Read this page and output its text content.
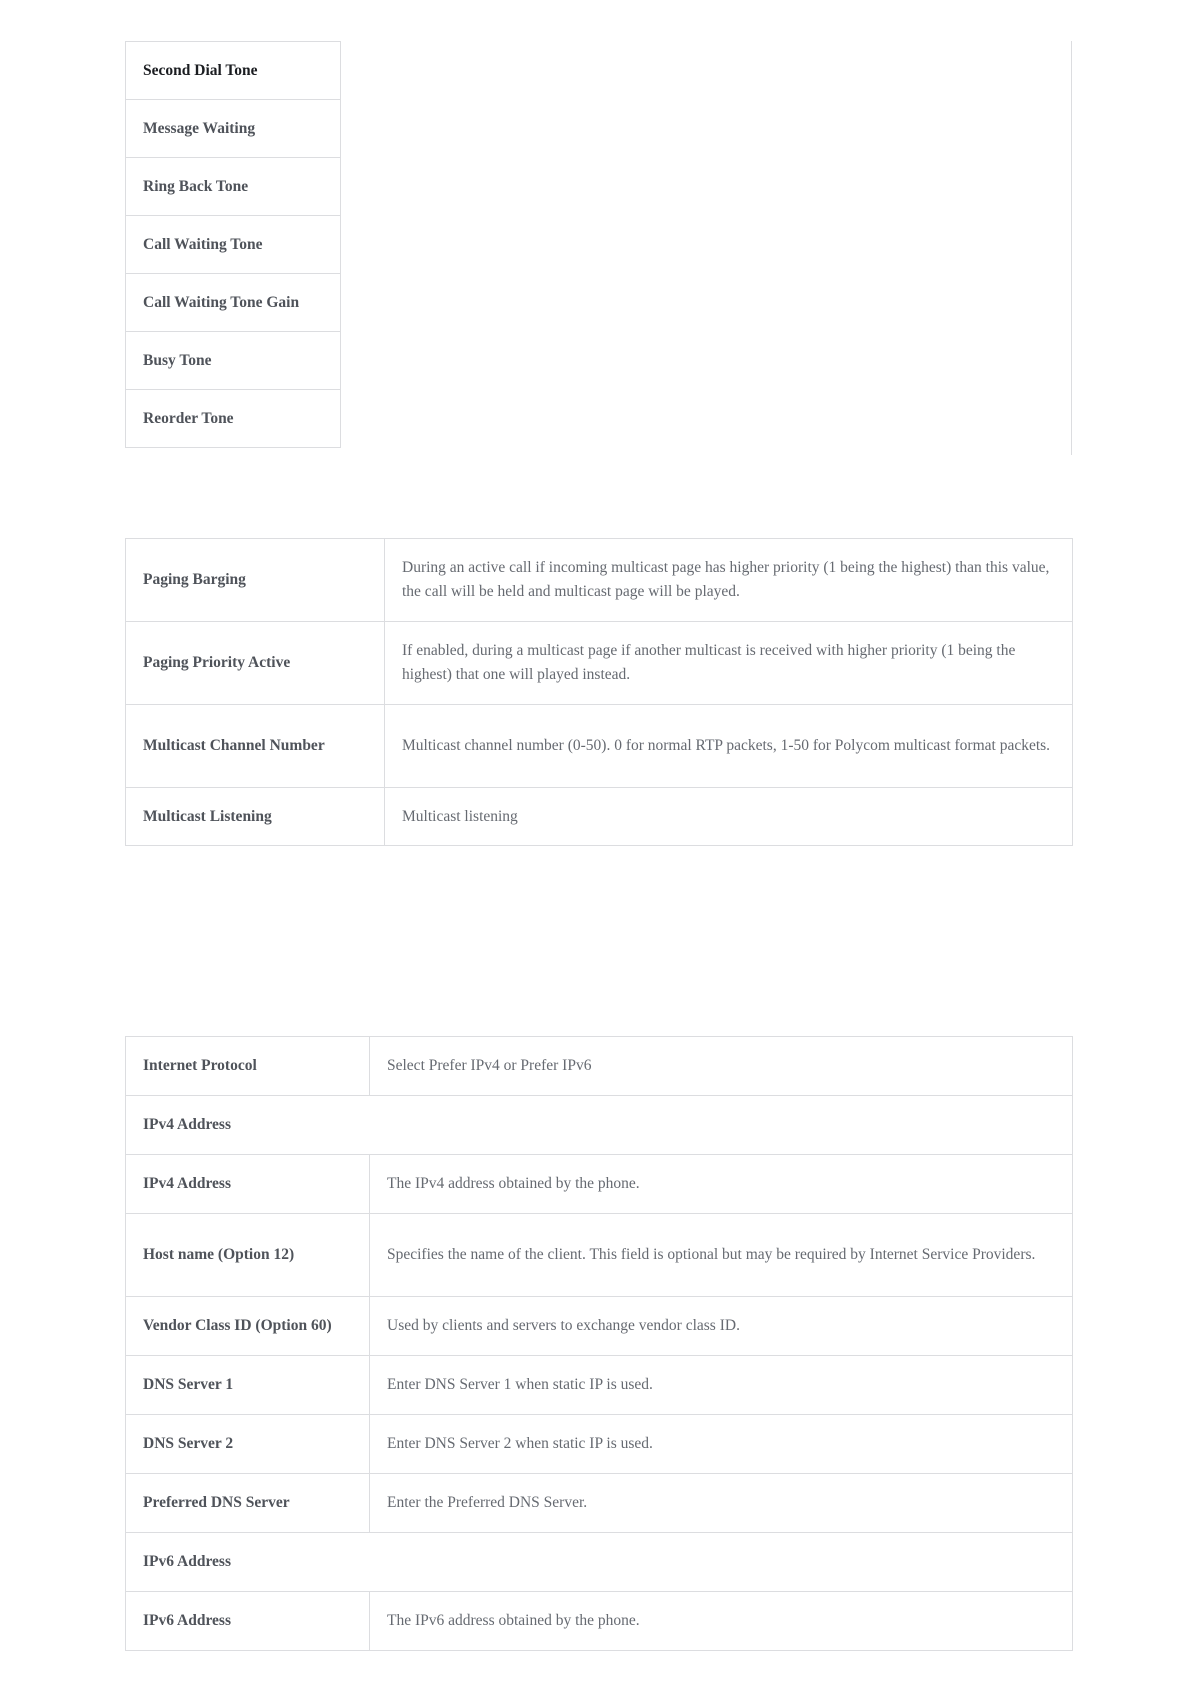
Second Dial Tone
Message Waiting
Ring Back Tone
Call Waiting Tone
Call Waiting Tone Gain
Busy Tone
Reorder Tone
Paging Barging	During an active call if incoming multicast page has higher priority (1 being the highest) than this value, the call will be held and multicast page will be played.
Paging Priority Active	If enabled, during a multicast page if another multicast is received with higher priority (1 being the highest) that one will played instead.
Multicast Channel Number	Multicast channel number (0-50). 0 for normal RTP packets, 1-50 for Polycom multicast format packets.
Multicast Listening	Multicast listening
Internet Protocol	Select Prefer IPv4 or Prefer IPv6
IPv4 Address	
IPv4 Address	The IPv4 address obtained by the phone.
Host name (Option 12)	Specifies the name of the client. This field is optional but may be required by Internet Service Providers.
Vendor Class ID (Option 60)	Used by clients and servers to exchange vendor class ID.
DNS Server 1	Enter DNS Server 1 when static IP is used.
DNS Server 2	Enter DNS Server 2 when static IP is used.
Preferred DNS Server	Enter the Preferred DNS Server.
IPv6 Address	
IPv6 Address	The IPv6 address obtained by the phone.
